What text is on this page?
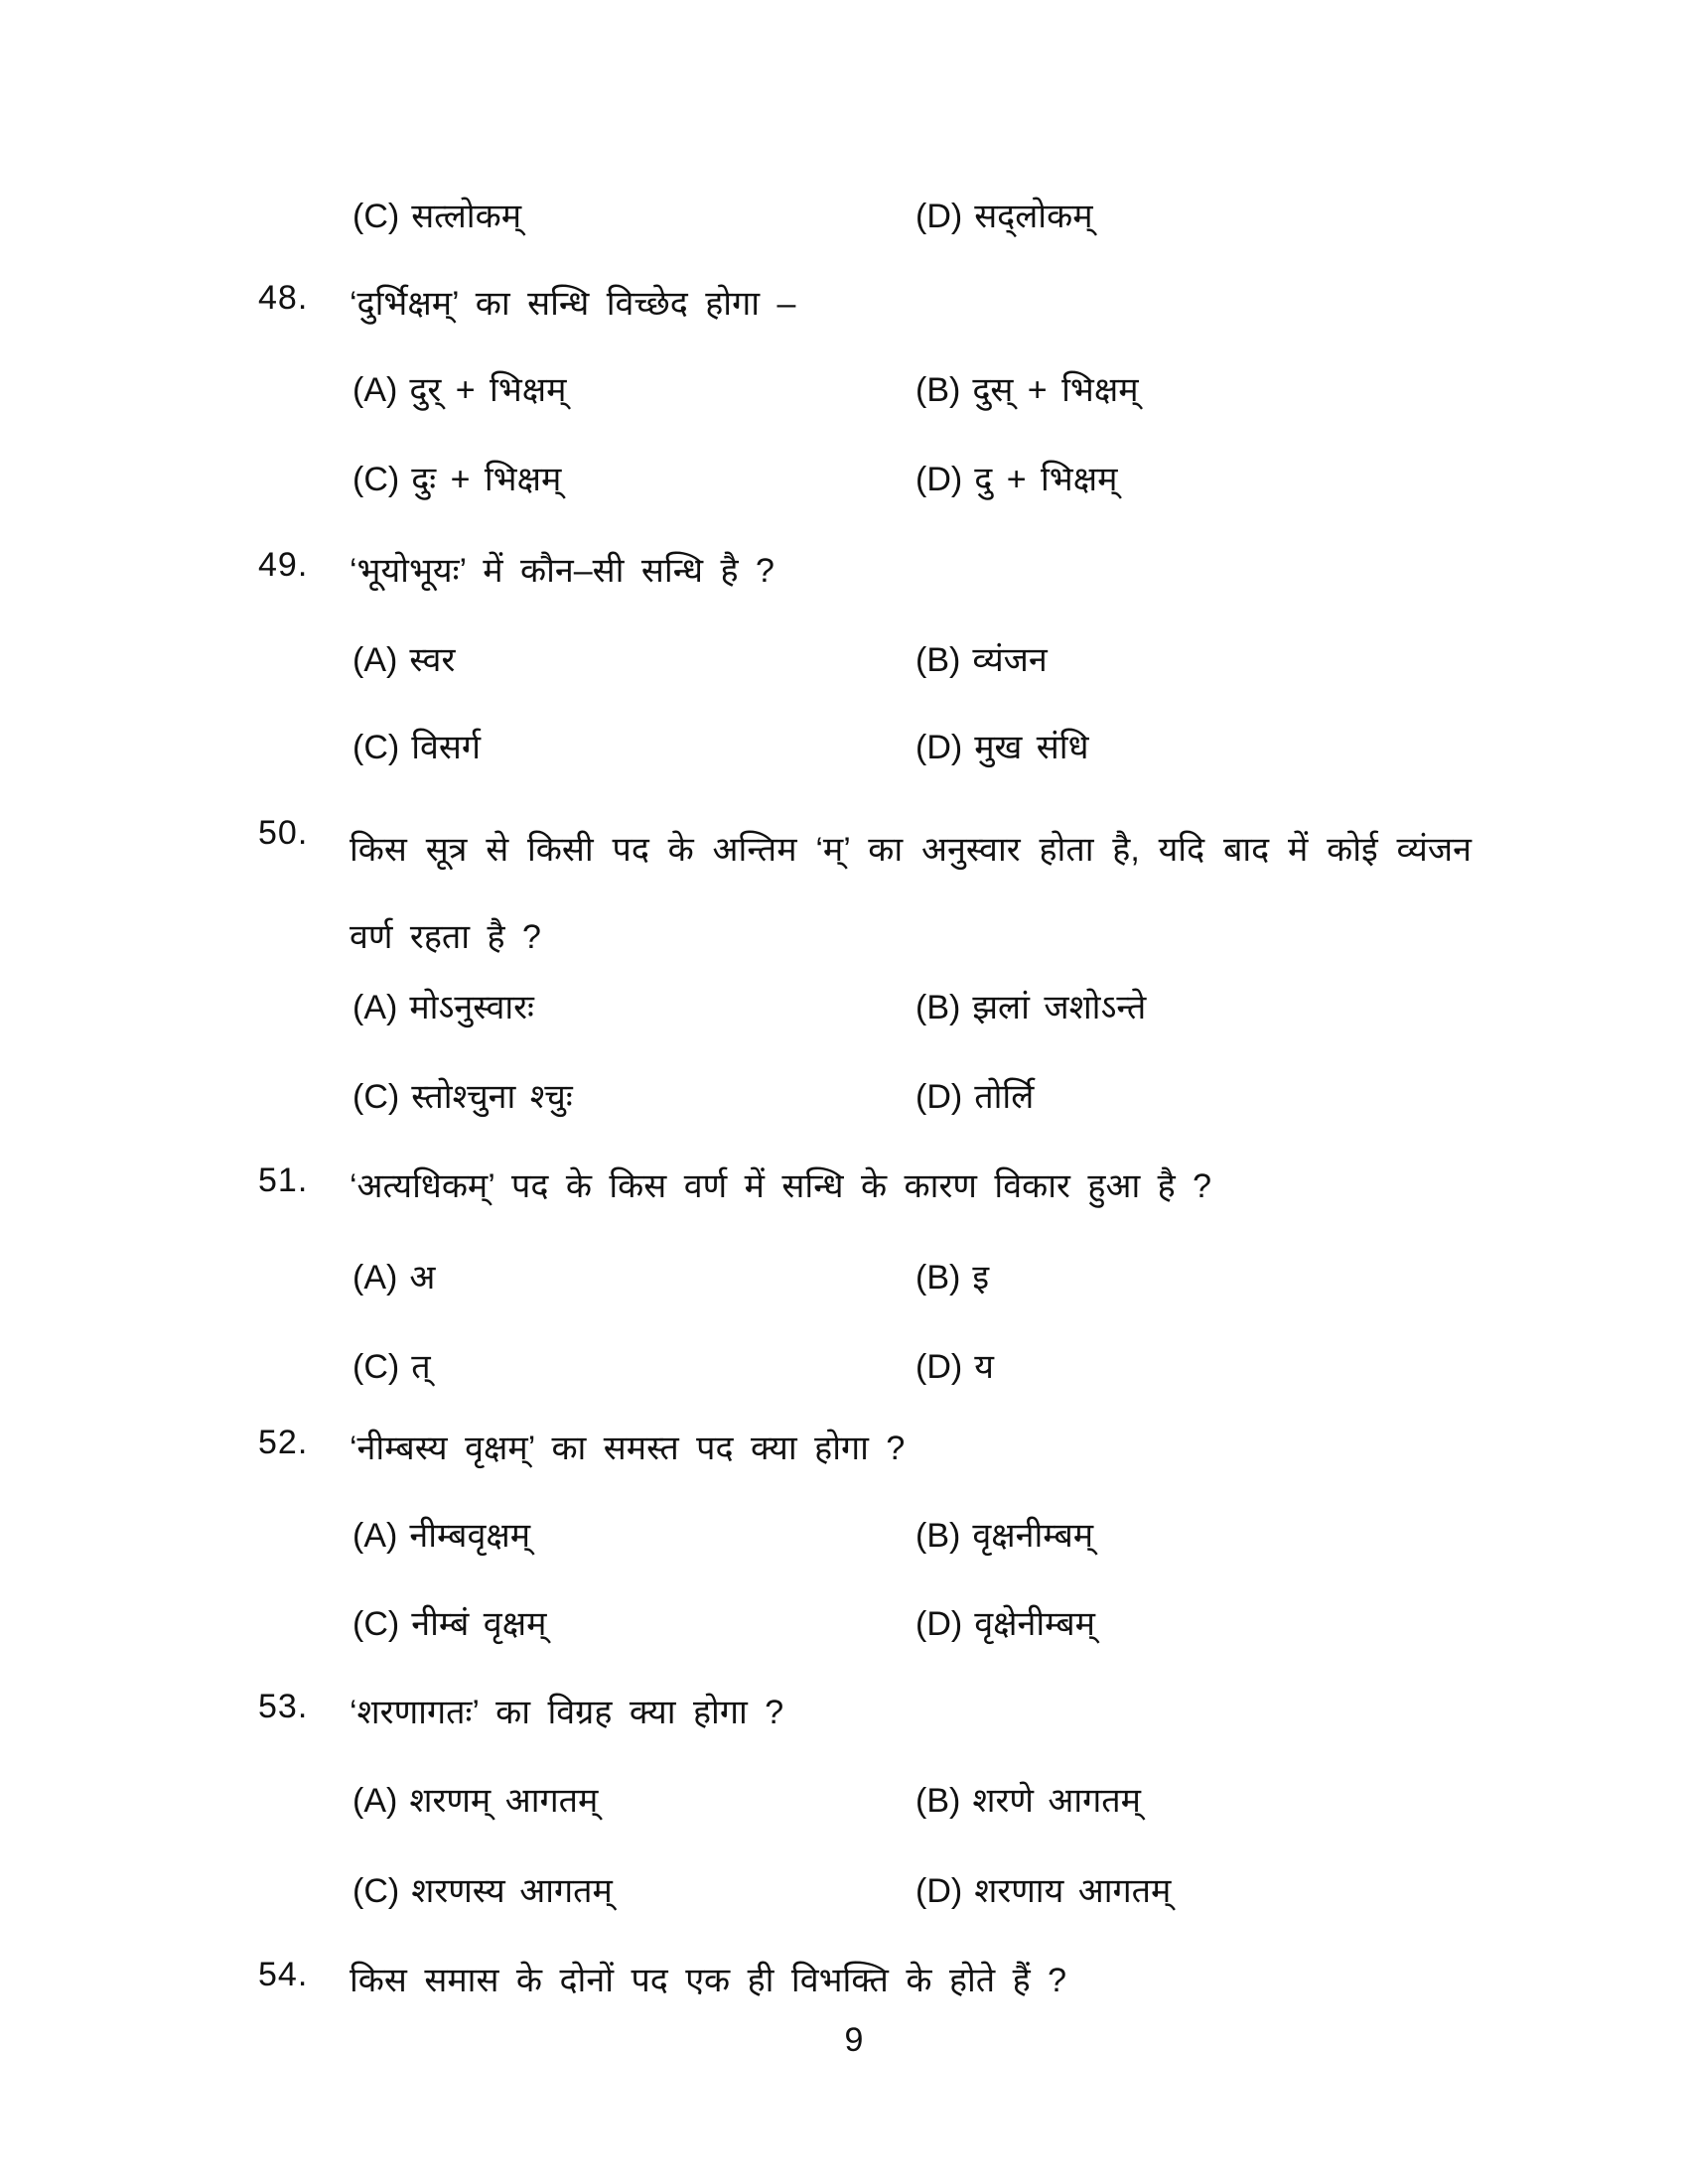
(C) सत्लोकम्	(D) सद्लोकम्
48. ‘दुर्भिक्षम्’ का सन्धि विच्छेद होगा –
(A) दुर् + भिक्षम्	(B) दुस् + भिक्षम्
(C) दुः + भिक्षम्	(D) दु + भिक्षम्
49. ‘भूयोभूयः’ में कौन–सी सन्धि है ?
(A) स्वर	(B) व्यंजन
(C) विसर्ग	(D) मुख संधि
50. किस सूत्र से किसी पद के अन्तिम ‘म्’ का अनुस्वार होता है, यदि बाद में कोई व्यंजन वर्ण रहता है ?
(A) मोऽनुस्वारः	(B) झलां जशोऽन्ते
(C) स्तोश्चुना श्चुः	(D) तोर्लि
51. ‘अत्यधिकम्’ पद के किस वर्ण में सन्धि के कारण विकार हुआ है ?
(A) अ	(B) इ
(C) त्	(D) य
52. ‘नीम्बस्य वृक्षम्’ का समस्त पद क्या होगा ?
(A) नीम्बवृक्षम्	(B) वृक्षनीम्बम्
(C) नीम्बं वृक्षम्	(D) वृक्षेनीम्बम्
53. ‘शरणागतः’ का विग्रह क्या होगा ?
(A) शरणम् आगतम्	(B) शरणे आगतम्
(C) शरणस्य आगतम्	(D) शरणाय आगतम्
54. किस समास के दोनों पद एक ही विभक्ति के होते हैं ?
9
